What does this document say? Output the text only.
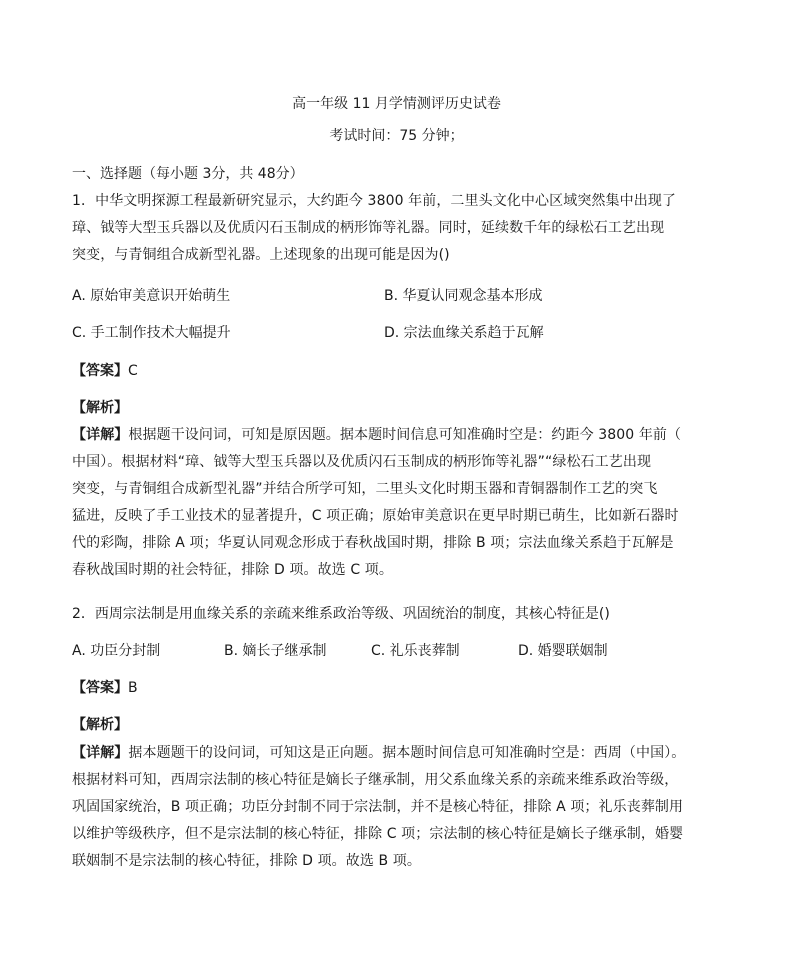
高一年级 11 月学情测评历史试卷
考试时间：75 分钟；
一、选择题（每小题 3分，共 48分）
1．中华文明探源工程最新研究显示，大约距今 3800 年前，二里头文化中心区域突然集中出现了
璋、钺等大型玉兵器以及优质闪石玉制成的柄形饰等礼器。同时，延续数千年的绿松石工艺出现
突变，与青铜组合成新型礼器。上述现象的出现可能是因为()
A. 原始审美意识开始萌生	B. 华夏认同观念基本形成
C. 手工制作技术大幅提升	D. 宗法血缘关系趋于瓦解
【答案】C
【解析】
【详解】根据题干设问词，可知是原因题。据本题时间信息可知准确时空是：约距今 3800 年前（
中国）。根据材料“璋、钺等大型玉兵器以及优质闪石玉制成的柄形饰等礼器”“绿松石工艺出现
突变，与青铜组合成新型礼器”并结合所学可知，二里头文化时期玉器和青铜器制作工艺的突飞
猛进，反映了手工业技术的显著提升，C 项正确；原始审美意识在更早时期已萌生，比如新石器时
代的彩陶，排除 A 项；华夏认同观念形成于春秋战国时期，排除 B 项；宗法血缘关系趋于瓦解是
春秋战国时期的社会特征，排除 D 项。故选 C 项。
2．西周宗法制是用血缘关系的亲疏来维系政治等级、巩固统治的制度，其核心特征是()
A. 功臣分封制	B. 嫡长子继承制	C. 礼乐丧葬制	D. 婚婴联姻制
【答案】B
【解析】
【详解】据本题题干的设问词，可知这是正向题。据本题时间信息可知准确时空是：西周（中国）。
根据材料可知，西周宗法制的核心特征是嫡长子继承制，用父系血缘关系的亲疏来维系政治等级，
巩固国家统治，B 项正确；功臣分封制不同于宗法制，并不是核心特征，排除 A 项；礼乐丧葬制用
以维护等级秩序，但不是宗法制的核心特征，排除 C 项；宗法制的核心特征是嫡长子继承制，婚婴
联姻制不是宗法制的核心特征，排除 D 项。故选 B 项。
